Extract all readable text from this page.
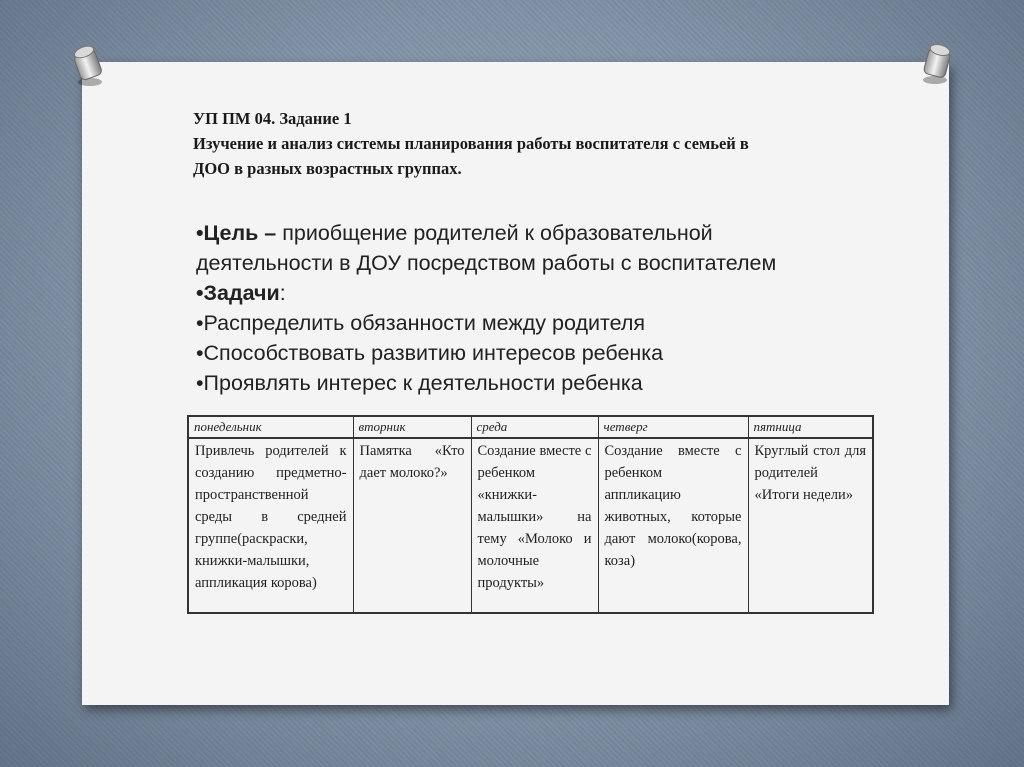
УП ПМ 04. Задание 1
Изучение и анализ системы планирования работы воспитателя с семьей в
ДОО в разных возрастных группах.
•Цель – приобщение родителей к образовательной
деятельности в ДОУ посредством работы с воспитателем
•Задачи:
•Распределить обязанности между родителя
•Способствовать развитию интересов ребенка
•Проявлять интерес к деятельности ребенка
понедельник	вторник	среда	четверг	пятница
Привлечь родителей к созданию предметно-пространственной среды в средней группе(раскраски, книжки-малышки, аппликация корова)	Памятка «Кто дает молоко?»	Создание вместе с ребенком «книжки-малышки» на тему «Молоко и молочные продукты»	Создание вместе с ребенком аппликацию животных, которые дают молоко(корова, коза)	Круглый стол для родителей «Итоги недели»
